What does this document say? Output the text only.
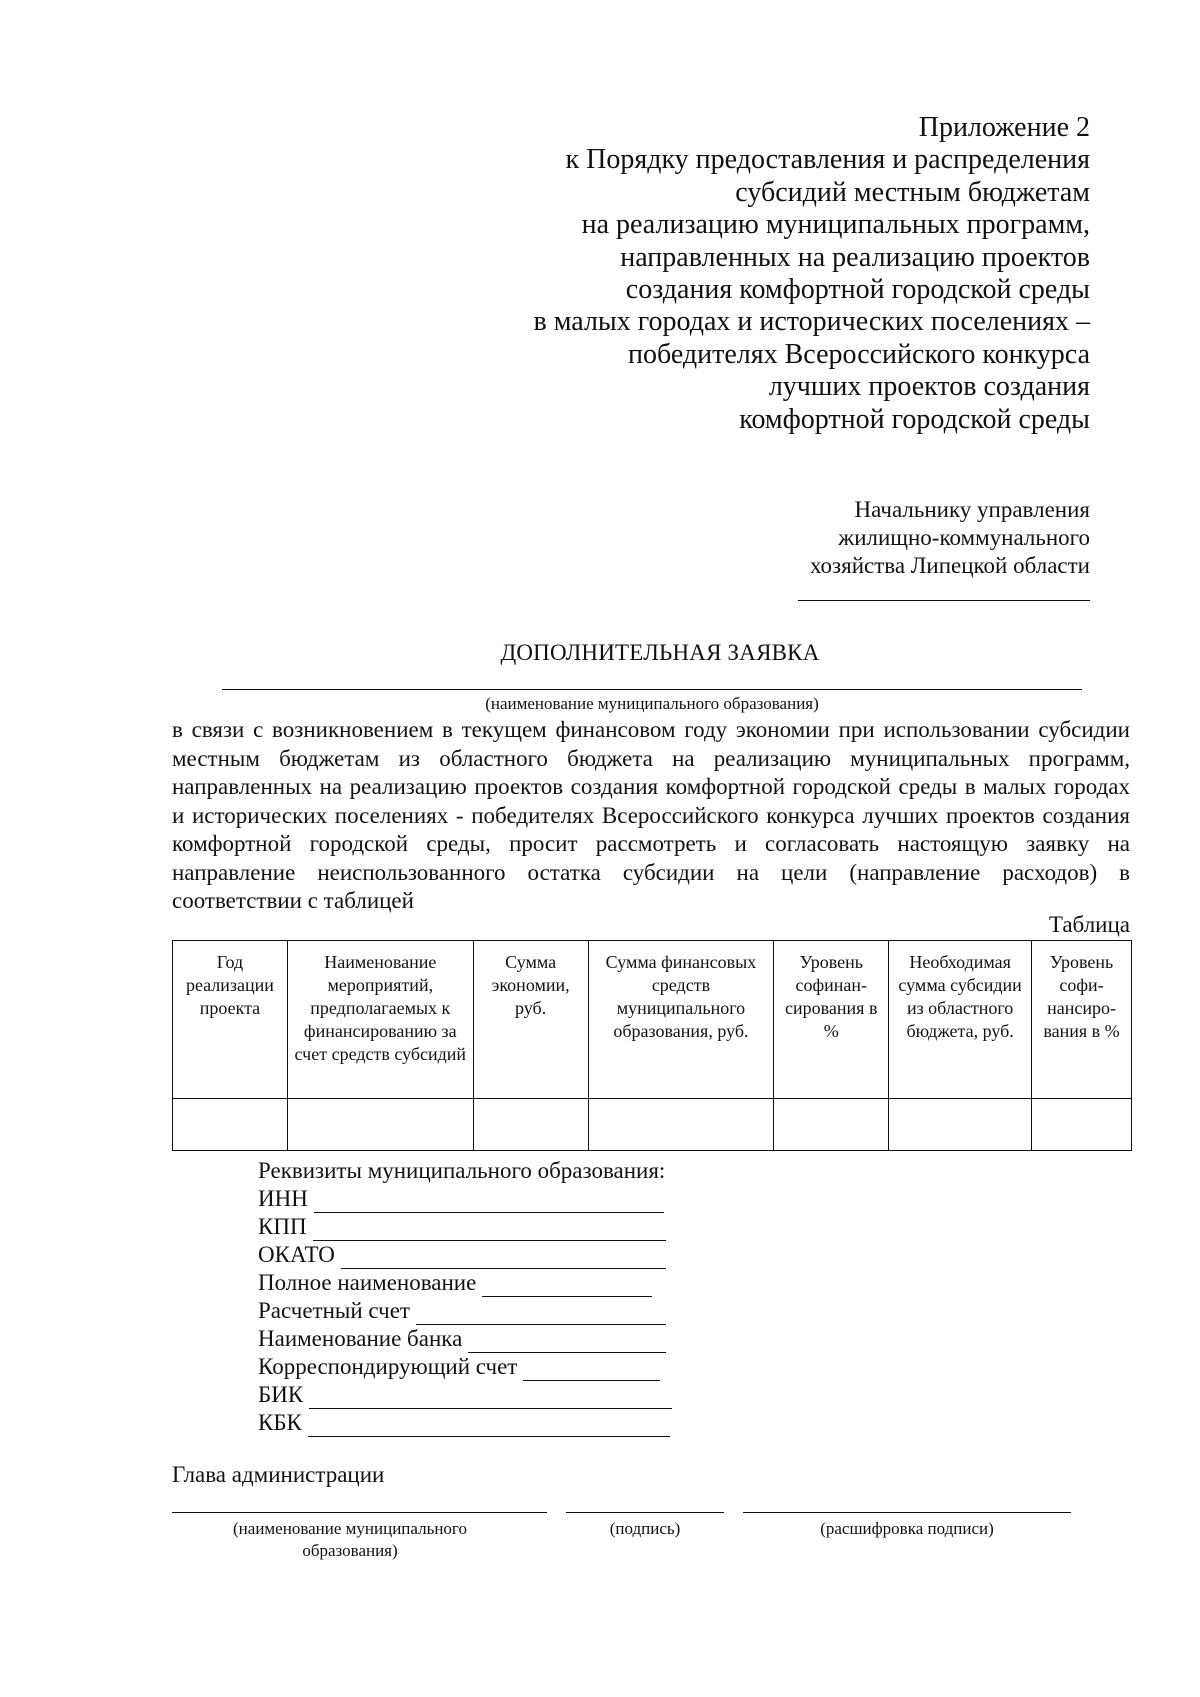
Приложение 2
к Порядку предоставления и распределения
субсидий местным бюджетам
на реализацию муниципальных программ,
направленных на реализацию проектов
создания комфортной городской среды
в малых городах и исторических поселениях –
победителях Всероссийского конкурса
лучших проектов создания
комфортной городской среды
Начальнику управления
жилищно-коммунального
хозяйства Липецкой области
ДОПОЛНИТЕЛЬНАЯ ЗАЯВКА
(наименование муниципального образования)
в связи с возникновением в текущем финансовом году экономии при использовании субсидии местным бюджетам из областного бюджета на реализацию муниципальных программ, направленных на реализацию проектов создания комфортной городской среды в малых городах и исторических поселениях - победителях Всероссийского конкурса лучших проектов создания комфортной городской среды, просит рассмотреть и согласовать настоящую заявку на направление неиспользованного остатка субсидии на цели (направление расходов) в соответствии с таблицей
Таблица
Год реализации проекта	Наименование мероприятий, предполагаемых к финансированию за счет средств субсидий	Сумма экономии, руб.	Сумма финансовых средств муниципального образования, руб.	Уровень софинан-сирования в %	Необходимая сумма субсидии из областного бюджета, руб.	Уровень софи-нансиро-вания в %

Реквизиты муниципального образования:
ИНН
КПП
ОКАТО
Полное наименование
Расчетный счет
Наименование банка
Корреспондирующий счет
БИК
КБК
Глава администрации
(наименование муниципального образования)
(подпись)	(расшифровка подписи)
